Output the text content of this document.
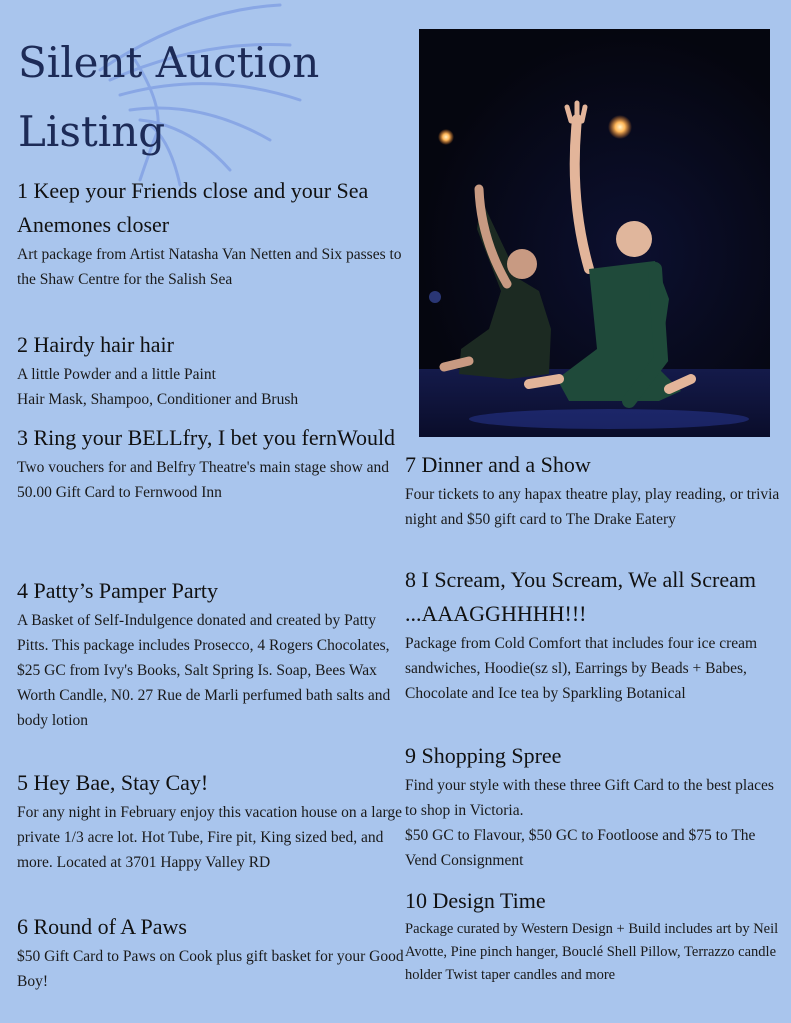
Silent Auction Listing
1 Keep your Friends close and your Sea Anemones closer

Art package from Artist Natasha Van Netten and Six passes to the Shaw Centre for the Salish Sea

2 Hairdy hair hair

A little Powder and a little Paint
Hair Mask, Shampoo, Conditioner and Brush

3 Ring your BELLfry, I bet you fernWould

Two vouchers for and Belfry Theatre's main stage show and 50.00 Gift Card to Fernwood Inn

4 Patty’s Pamper Party

A Basket of Self-Indulgence donated and created by Patty Pitts. This package includes Prosecco, 4 Rogers Chocolates, $25 GC from Ivy's Books, Salt Spring Is. Soap, Bees Wax Worth Candle, N0. 27 Rue de Marli perfumed bath salts and body lotion

5 Hey Bae, Stay Cay!

For any night in February enjoy this vacation house on a large private 1/3 acre lot. Hot Tube, Fire pit, King sized bed, and more. Located at 3701 Happy Valley RD

6 Round of A Paws

$50 Gift Card to Paws on Cook plus gift basket for your Good Boy!

7 Dinner and a Show

Four tickets to any hapax theatre play, play reading, or trivia night and $50 gift card to The Drake Eatery

8 I Scream, You Scream, We all Scream ...AAAGGHHHH!!!

Package from Cold Comfort that includes four ice cream sandwiches, Hoodie(sz sl), Earrings by Beads + Babes, Chocolate and Ice tea by Sparkling Botanical

9 Shopping Spree

Find your style with these three Gift Card to the best places to shop in Victoria.
$50 GC to Flavour, $50 GC to Footloose and $75 to The Vend Consignment

10 Design Time

Package curated by Western Design + Build includes art by Neil Avotte, Pine pinch hanger, Bouclé Shell Pillow, Terrazzo candle holder Twist taper candles and more
